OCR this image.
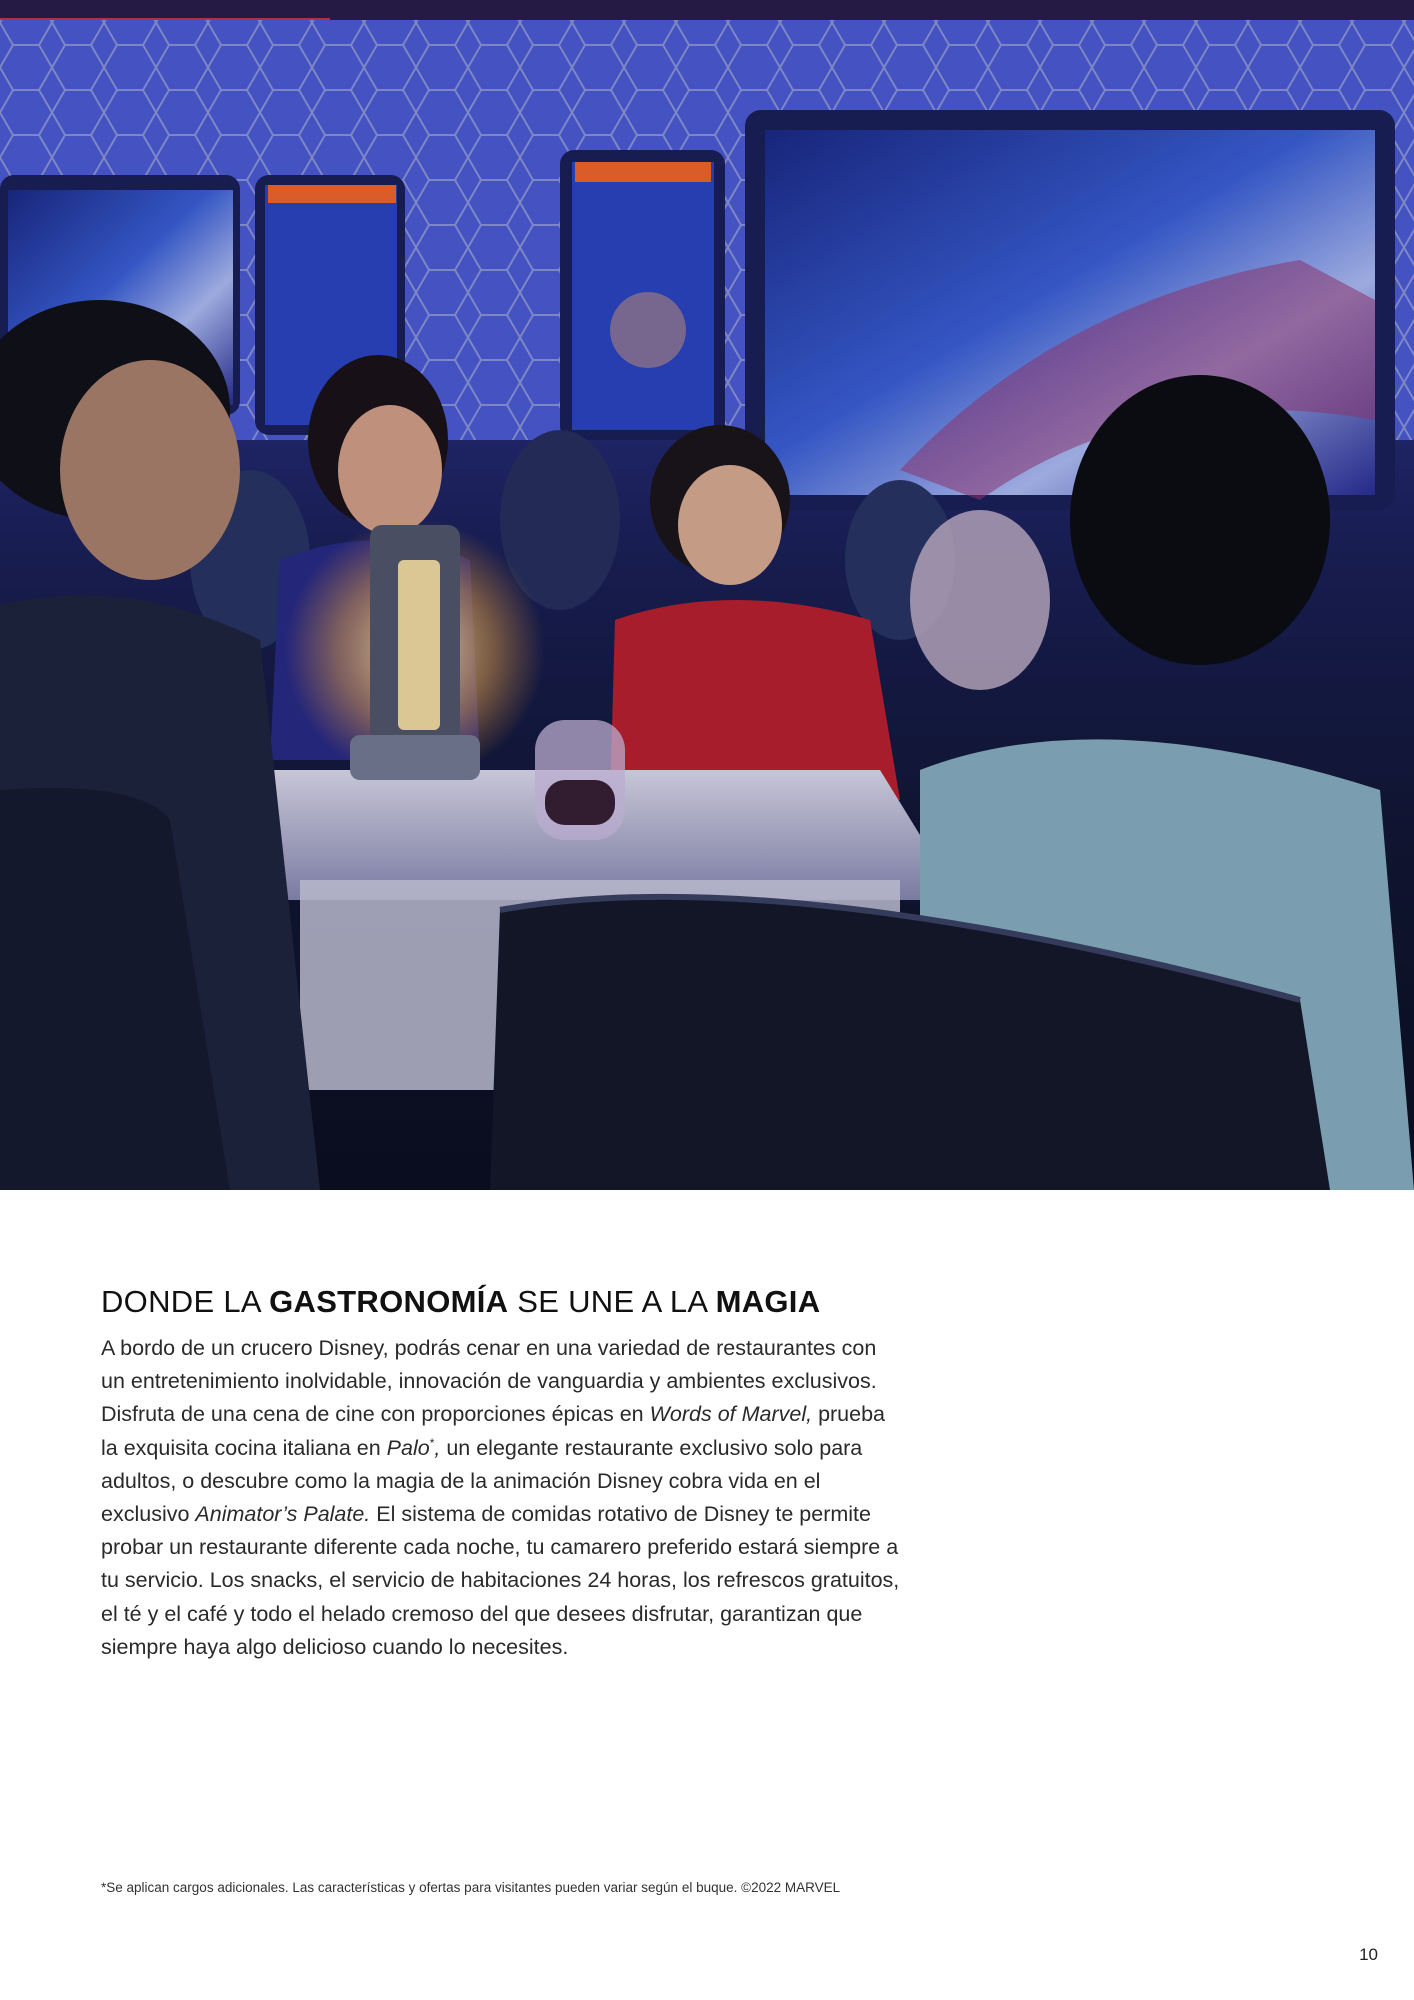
DONDE LA GASTRONOMÍA SE UNE A LA MAGIA

A bordo de un crucero Disney, podrás cenar en una variedad de restaurantes con un entretenimiento inolvidable, innovación de vanguardia y ambientes exclusivos. Disfruta de una cena de cine con proporciones épicas en Words of Marvel, prueba la exquisita cocina italiana en Palo*, un elegante restaurante exclusivo solo para adultos, o descubre como la magia de la animación Disney cobra vida en el exclusivo Animator’s Palate. El sistema de comidas rotativo de Disney te permite probar un restaurante diferente cada noche, tu camarero preferido estará siempre a tu servicio. Los snacks, el servicio de habitaciones 24 horas, los refrescos gratuitos, el té y el café y todo el helado cremoso del que desees disfrutar, garantizan que siempre haya algo delicioso cuando lo necesites.

*Se aplican cargos adicionales. Las características y ofertas para visitantes pueden variar según el buque. ©2022 MARVEL
10
